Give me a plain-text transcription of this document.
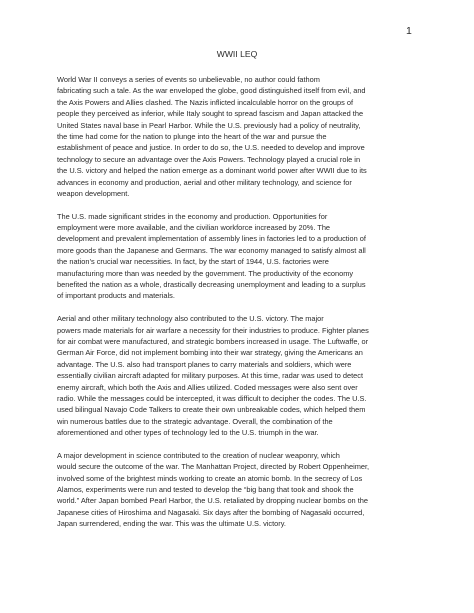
1
WWII LEQ
World War II conveys a series of events so unbelievable, no author could fathom
fabricating such a tale. As the war enveloped the globe, good distinguished itself from evil, and
the Axis Powers and Allies clashed. The Nazis inflicted incalculable horror on the groups of
people they perceived as inferior, while Italy sought to spread fascism and Japan attacked the
United States naval base in Pearl Harbor. While the U.S. previously had a policy of neutrality,
the time had come for the nation to plunge into the heart of the war and pursue the
establishment of peace and justice. In order to do so, the U.S. needed to develop and improve
technology to secure an advantage over the Axis Powers. Technology played a crucial role in
the U.S. victory and helped the nation emerge as a dominant world power after WWII due to its
advances in economy and production, aerial and other military technology, and science for
weapon development.
The U.S. made significant strides in the economy and production. Opportunities for
employment were more available, and the civilian workforce increased by 20%. The
development and prevalent implementation of assembly lines in factories led to a production of
more goods than the Japanese and Germans. The war economy managed to satisfy almost all
the nation’s crucial war necessities. In fact, by the start of 1944, U.S. factories were
manufacturing more than was needed by the government. The productivity of the economy
benefited the nation as a whole, drastically decreasing unemployment and leading to a surplus
of important products and materials.
Aerial and other military technology also contributed to the U.S. victory. The major
powers made materials for air warfare a necessity for their industries to produce. Fighter planes
for air combat were manufactured, and strategic bombers increased in usage. The Luftwaffe, or
German Air Force, did not implement bombing into their war strategy, giving the Americans an
advantage. The U.S. also had transport planes to carry materials and soldiers, which were
essentially civilian aircraft adapted for military purposes. At this time, radar was used to detect
enemy aircraft, which both the Axis and Allies utilized. Coded messages were also sent over
radio. While the messages could be intercepted, it was difficult to decipher the codes. The U.S.
used bilingual Navajo Code Talkers to create their own unbreakable codes, which helped them
win numerous battles due to the strategic advantage. Overall, the combination of the
aforementioned and other types of technology led to the U.S. triumph in the war.
A major development in science contributed to the creation of nuclear weaponry, which
would secure the outcome of the war. The Manhattan Project, directed by Robert Oppenheimer,
involved some of the brightest minds working to create an atomic bomb. In the secrecy of Los
Alamos, experiments were run and tested to develop the “big bang that took and shook the
world.” After Japan bombed Pearl Harbor, the U.S. retaliated by dropping nuclear bombs on the
Japanese cities of Hiroshima and Nagasaki. Six days after the bombing of Nagasaki occurred,
Japan surrendered, ending the war. This was the ultimate U.S. victory.
